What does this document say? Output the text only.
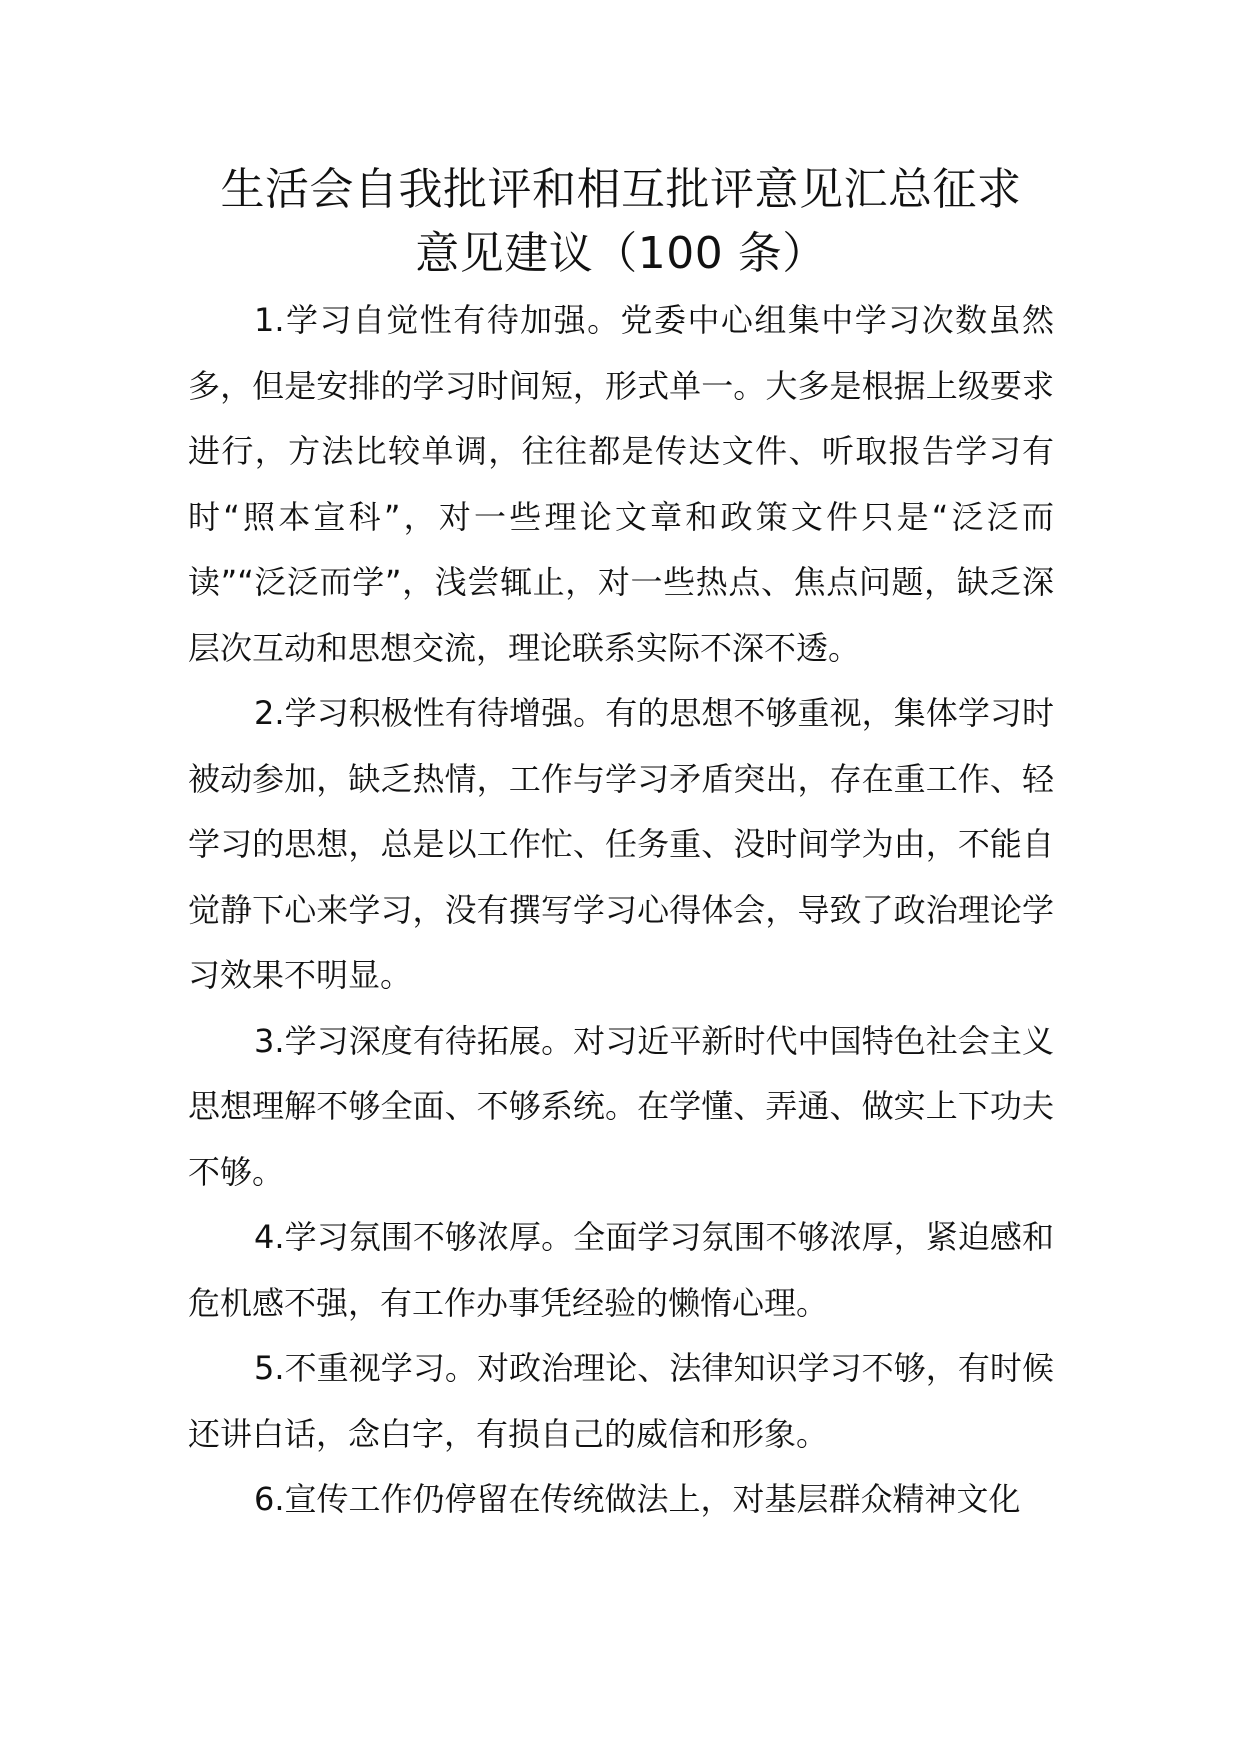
生活会自我批评和相互批评意见汇总征求
意见建议（100 条）

1.学习自觉性有待加强。党委中心组集中学习次数虽然多，但是安排的学习时间短，形式单一。大多是根据上级要求进行，方法比较单调，往往都是传达文件、听取报告学习有时“照本宣科”，对一些理论文章和政策文件只是“泛泛而读”“泛泛而学”，浅尝辄止，对一些热点、焦点问题，缺乏深层次互动和思想交流，理论联系实际不深不透。

2.学习积极性有待增强。有的思想不够重视，集体学习时被动参加，缺乏热情，工作与学习矛盾突出，存在重工作、轻学习的思想，总是以工作忙、任务重、没时间学为由，不能自觉静下心来学习，没有撰写学习心得体会，导致了政治理论学习效果不明显。

3.学习深度有待拓展。对习近平新时代中国特色社会主义思想理解不够全面、不够系统。在学懂、弄通、做实上下功夫不够。

4.学习氛围不够浓厚。全面学习氛围不够浓厚，紧迫感和危机感不强，有工作办事凭经验的懒惰心理。

5.不重视学习。对政治理论、法律知识学习不够，有时候还讲白话，念白字，有损自己的威信和形象。

6.宣传工作仍停留在传统做法上，对基层群众精神文化
